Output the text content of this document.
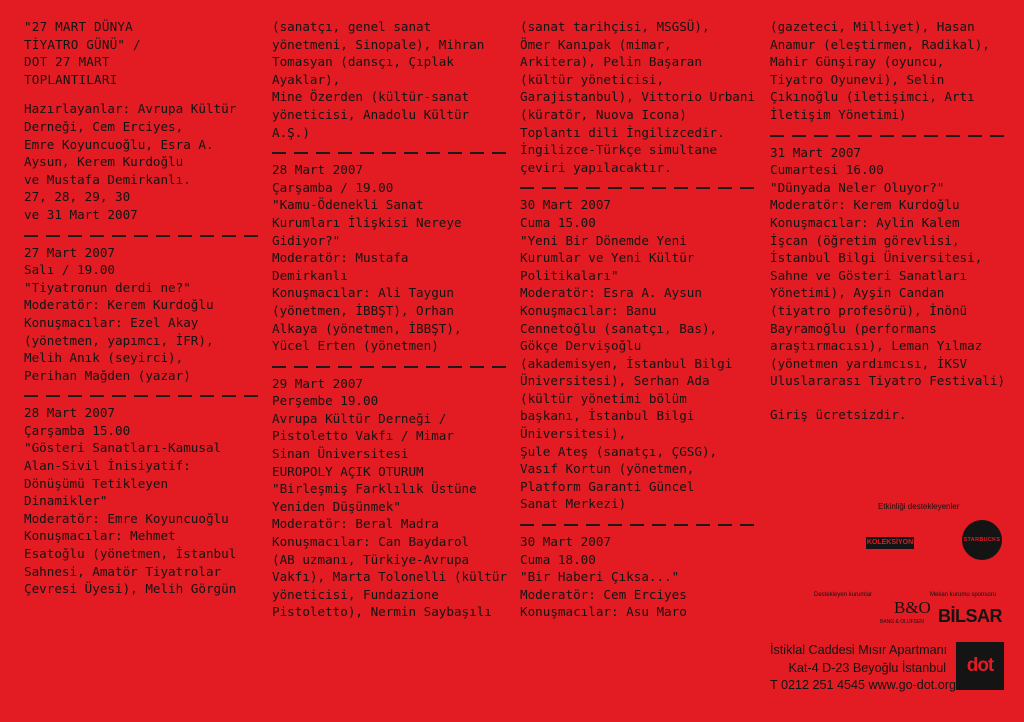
"27 MART DÜNYA
TİYATRO GÜNÜ" /
DOT 27 MART
TOPLANTILARI
Hazırlayanlar: Avrupa Kültür
Derneği, Cem Erciyes,
Emre Koyuncuoğlu, Esra A.
Aysun, Kerem Kurdoğlu
ve Mustafa Demirkanlı.
27, 28, 29, 30
ve 31 Mart 2007
27 Mart 2007
Salı / 19.00
"Tiyatronun derdi ne?"
Moderatör: Kerem Kurdoğlu
Konuşmacılar: Ezel Akay
(yönetmen, yapımcı, İFR),
Melih Anık (seyirci),
Perihan Mağden (yazar)
28 Mart 2007
Çarşamba 15.00
"Gösteri Sanatları-Kamusal
Alan-Sivil İnisiyatif:
Dönüşümü Tetikleyen
Dinamikler"
Moderatör: Emre Koyuncuoğlu
Konuşmacılar: Mehmet
Esatoğlu (yönetmen, İstanbul
Sahnesi, Amatör Tiyatrolar
Çevresi Üyesi), Melih Görgün
(sanatçı, genel sanat
yönetmeni, Sinopale), Mihran
Tomasyan (dansçı, Çıplak
Ayaklar),
Mine Özerden (kültür-sanat
yöneticisi, Anadolu Kültür
A.Ş.)
28 Mart 2007
Çarşamba / 19.00
"Kamu-Ödenekli Sanat
Kurumları İlişkisi Nereye
Gidiyor?"
Moderatör: Mustafa
Demirkanlı
Konuşmacılar: Ali Taygun
(yönetmen, İBBŞT), Orhan
Alkaya (yönetmen, İBBŞT),
Yücel Erten (yönetmen)
29 Mart 2007
Perşembe 19.00
Avrupa Kültür Derneği /
Pistoletto Vakfı / Mimar
Sinan Üniversitesi
EUROPOLY AÇIK OTURUM
"Birleşmiş Farklılık Üstüne
Yeniden Düşünmek"
Moderatör: Beral Madra
Konuşmacılar: Can Baydarol
(AB uzmanı, Türkiye-Avrupa
Vakfı), Marta Tolonelli (kültür
yöneticisi, Fundazione
Pistoletto), Nermin Saybaşılı
(sanat tarihçisi, MSGSÜ),
Ömer Kanıpak (mimar,
Arkitera), Pelin Başaran
(kültür yöneticisi,
Garajistanbul), Vittorio Urbani
(küratör, Nuova Icona)
Toplantı dili İngilizcedir.
İngilizce-Türkçe simultane
çeviri yapılacaktır.
30 Mart 2007
Cuma 15.00
"Yeni Bir Dönemde Yeni
Kurumlar ve Yeni Kültür
Politikaları"
Moderatör: Esra A. Aysun
Konuşmacılar: Banu
Cennetoğlu (sanatçı, Bas),
Gökçe Dervişoğlu
(akademisyen, İstanbul Bilgi
Üniversitesi), Serhan Ada
(kültür yönetimi bölüm
başkanı, İstanbul Bilgi
Üniversitesi),
Şule Ateş (sanatçı, ÇGSG),
Vasıf Kortun (yönetmen,
Platform Garanti Güncel
Sanat Merkezi)
30 Mart 2007
Cuma 18.00
"Bir Haberi Çıksa..."
Moderatör: Cem Erciyes
Konuşmacılar: Asu Maro
(gazeteci, Milliyet), Hasan
Anamur (eleştirmen, Radikal),
Mahir Günşiray (oyuncu,
Tiyatro Oyunevi), Selin
Çıkınoğlu (iletişimci, Artı
İletişim Yönetimi)
31 Mart 2007
Cumartesi 16.00
"Dünyada Neler Oluyor?"
Moderatör: Kerem Kurdoğlu
Konuşmacılar: Aylin Kalem
İşcan (öğretim görevlisi,
İstanbul Bilgi Üniversitesi,
Sahne ve Gösteri Sanatları
Yönetimi), Ayşin Candan
(tiyatro profesörü), İnönü
Bayramoğlu (performans
araştırmacısı), Leman Yılmaz
(yönetmen yardımcısı, İKSV
Uluslararası Tiyatro Festivali)
Giriş ücretsizdir.
Etkinliği destekleyenler
KOLEKSİYON	STARBUCKS COFFEE
Destekleyen kurumlar	Mekan kurumu sponsoru
B&O
BANG & OLUFSEN BİLSAR
İstiklal Caddesi Mısır Apartmanı
Kat-4 D-23 Beyoğlu İstanbul
T 0212 251 4545 www.go-dot.org
dot
